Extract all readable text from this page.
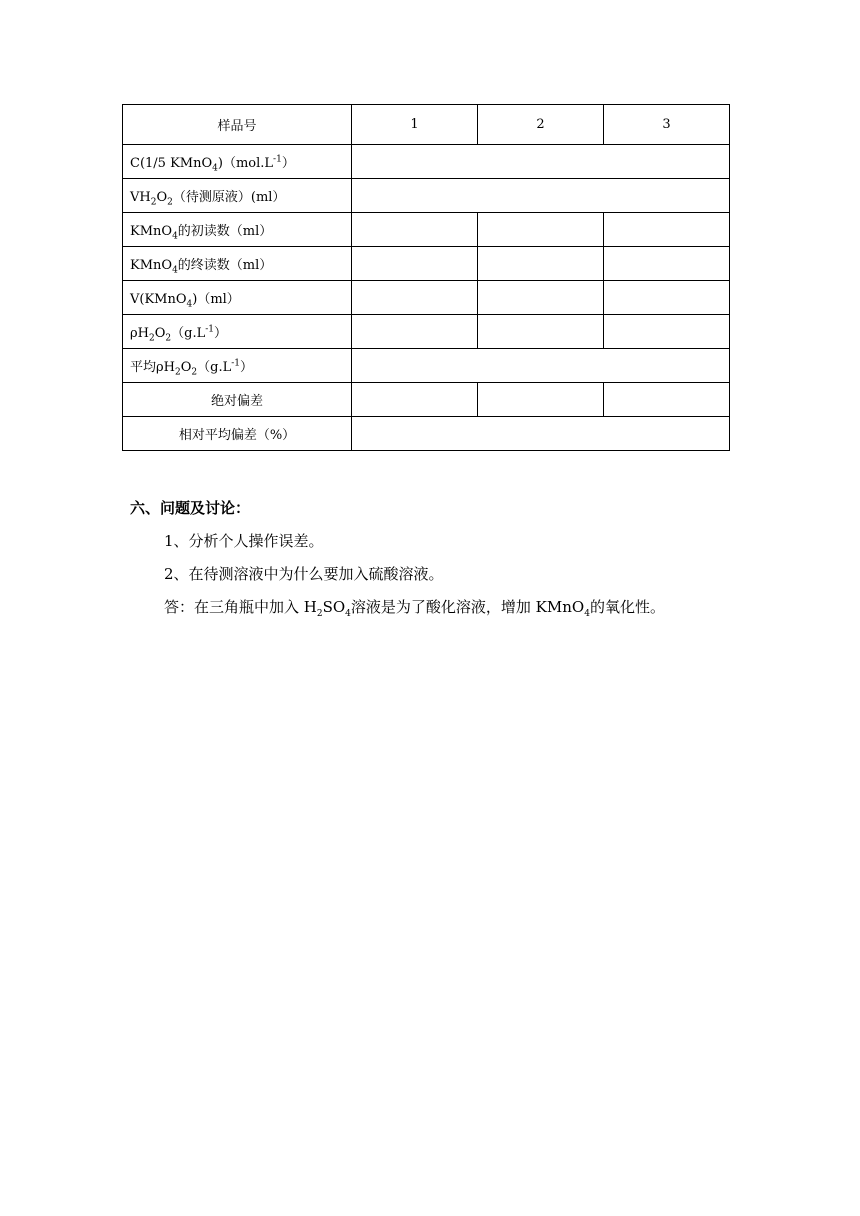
样品号	1	2	3
C(1/5 $KMnO_4)(mol.L^{-1})$			
$VH_2O_2$（待测原液）(ml）			
KMnO$_4$的初读数（ml）			
KMnO$_4$的终读数（ml）			
V(KMnO$_4$)（ml）			
$\rho H_2O_2(g.L^{-1})$			
平均$\rho H_2O_2(g.L^{-1})$			
绝对偏差			
相对平均偏差（%）			
六、问题及讨论：
1、分析个人操作误差。
2、在待测溶液中为什么要加入硫酸溶液。
答：在三角瓶中加入 $H_2SO_4$溶液是为了酸化溶液，增加 KMnO$_4$的氧化性。
